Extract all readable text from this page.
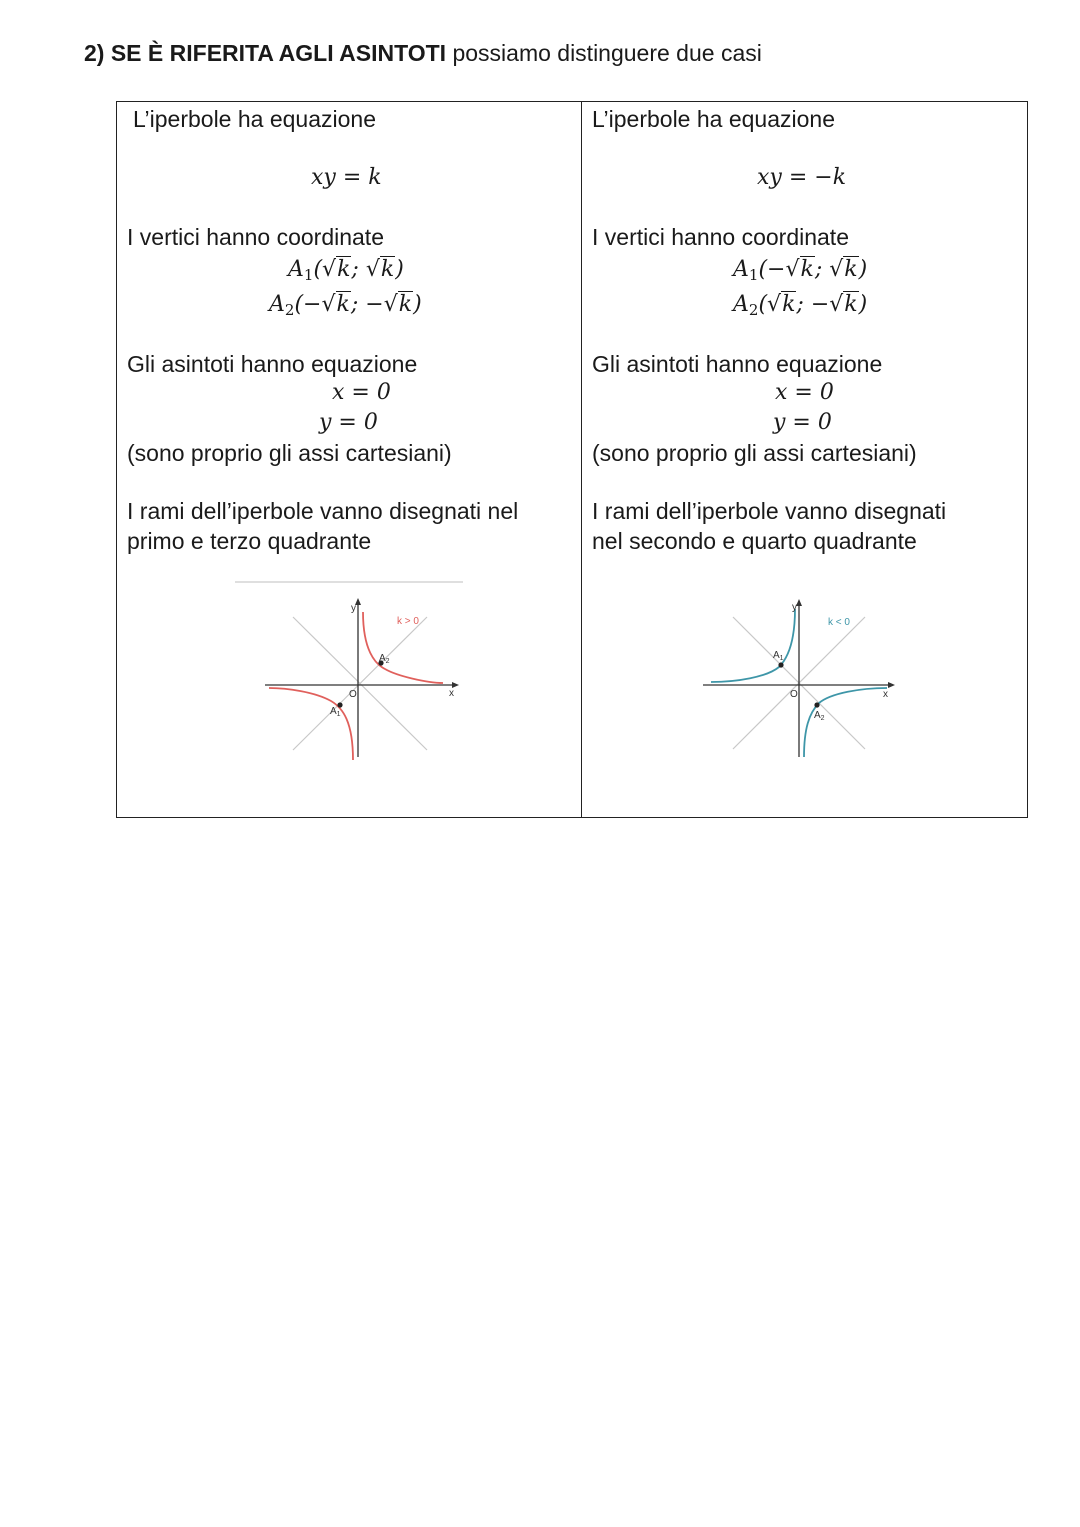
2) SE È RIFERITA AGLI ASINTOTI possiamo distinguere due casi
L’iperbole ha equazione
xy = k
I vertici hanno coordinate
$A_1(√k$; √k)
$A_2(-√k$; −√k)
Gli asintoti hanno equazione
x = 0
y = 0
(sono proprio gli assi cartesiani)
I rami dell’iperbole vanno disegnati nel
primo e terzo quadrante
y
x
O
k > 0
$A_2$
$A_1$
L’iperbole ha equazione
xy = −k
I vertici hanno coordinate
$A_1(-√k$; √k)
$A_2(√k$; −√k)
Gli asintoti hanno equazione
x = 0
y = 0
(sono proprio gli assi cartesiani)
I rami dell’iperbole vanno disegnati
nel secondo e quarto quadrante
y
x
O
k < 0
$A_1$
$A_2$
